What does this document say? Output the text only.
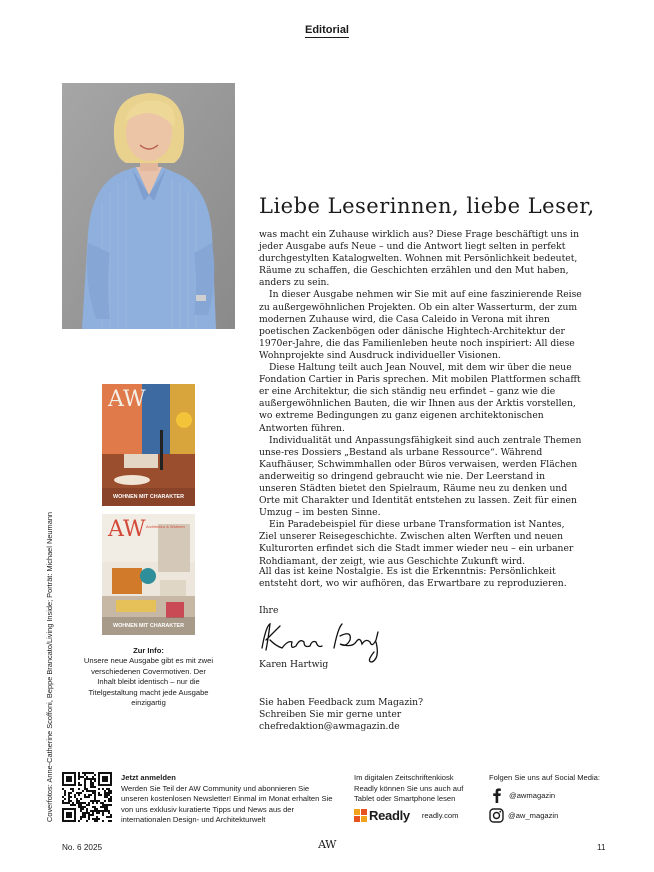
Editorial
Liebe Leserinnen, liebe Leser,

was macht ein Zuhause wirklich aus? Diese Frage beschäftigt uns in jeder Ausgabe aufs Neue – und die Antwort liegt selten in perfekt durchgestylten Katalogwelten. Wohnen mit Persönlichkeit bedeutet, Räume zu schaffen, die Geschichten erzählen und den Mut haben, anders zu sein.

In dieser Ausgabe nehmen wir Sie mit auf eine faszinierende Reise zu außergewöhnlichen Projekten. Ob ein alter Wasserturm, der zum modernen Zuhause wird, die Casa Caleido in Verona mit ihren poetischen Zackenbögen oder dänische Hightech-Architektur der 1970er-Jahre, die das Familienleben heute noch inspiriert: All diese Wohnprojekte sind Ausdruck individueller Visionen.

Diese Haltung teilt auch Jean Nouvel, mit dem wir über die neue Fondation Cartier in Paris sprechen. Mit mobilen Plattformen schafft er eine Architektur, die sich ständig neu erfindet – ganz wie die außergewöhnlichen Bauten, die wir Ihnen aus der Arktis vorstellen, wo extreme Bedingungen zu ganz eigenen architektonischen Antworten führen.

Individualität und Anpassungsfähigkeit sind auch zentrale Themen unse-res Dossiers „Bestand als urbane Ressource“. Während Kaufhäuser, Schwimmhallen oder Büros verwaisen, werden Flächen anderweitig so dringend gebraucht wie nie. Der Leerstand in unseren Städten bietet den Spielraum, Räume neu zu denken und Orte mit Charakter und Identität entstehen zu lassen. Zeit für einen Umzug – im besten Sinne.

Ein Paradebeispiel für diese urbane Transformation ist Nantes, Ziel unserer Reisegeschichte. Zwischen alten Werften und neuen Kulturorten erfindet sich die Stadt immer wieder neu – ein urbaner Rohdiamant, der zeigt, wie aus Geschichte Zukunft wird.

All das ist keine Nostalgie. Es ist die Erkenntnis: Persönlichkeit entsteht dort, wo wir aufhören, das Erwartbare zu reproduzieren.
Ihre
Karen Hartwig
Sie haben Feedback zum Magazin?
Schreiben Sie mir gerne unter
chefredaktion@awmagazin.de
AW
WOHNEN MIT CHARAKTER
AW Architektur & Wohnen
WOHNEN MIT CHARAKTER
Zur Info:
Unsere neue Ausgabe gibt es mit zwei verschiedenen Covermotiven. Der Inhalt bleibt identisch – nur die Titelgestaltung macht jede Ausgabe einzigartig
Coverfotos: Anne-Catherine Scoffoni, Beppe Brancato/Living Inside; Porträt: Michael Neumann	Jetzt anmelden
Werden Sie Teil der AW Community und abonnieren Sie unseren kostenlosen Newsletter! Einmal im Monat erhalten Sie von uns exklusiv kuratierte Tipps und News aus der internationalen Design- und Architekturwelt
Im digitalen Zeitschriftenkiosk Readly können Sie uns auch auf Tablet oder Smartphone lesen
Readly readly.com
Folgen Sie uns auf Social Media:
@awmagazin
@aw_magazin
No. 6 2025	AW	11
